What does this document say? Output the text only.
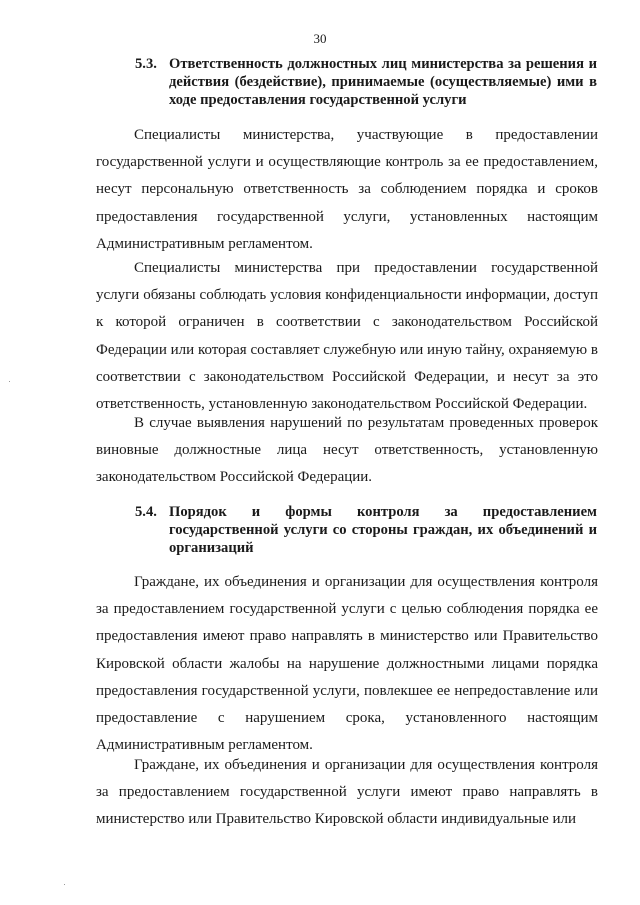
30
5.3. Ответственность должностных лиц министерства за решения и действия (бездействие), принимаемые (осуществляемые) ими в ходе предоставления государственной услуги

Специалисты министерства, участвующие в предоставлении государственной услуги и осуществляющие контроль за ее предоставлением, несут персональную ответственность за соблюдением порядка и сроков предоставления государственной услуги, установленных настоящим Административным регламентом.

Специалисты министерства при предоставлении государственной услуги обязаны соблюдать условия конфиденциальности информации, доступ к которой ограничен в соответствии с законодательством Российской Федерации или которая составляет служебную или иную тайну, охраняемую в соответствии с законодательством Российской Федерации, и несут за это ответственность, установленную законодательством Российской Федерации.

В случае выявления нарушений по результатам проведенных проверок виновные должностные лица несут ответственность, установленную законодательством Российской Федерации.

5.4. Порядок и формы контроля за предоставлением государственной услуги со стороны граждан, их объединений и организаций

Граждане, их объединения и организации для осуществления контроля за предоставлением государственной услуги с целью соблюдения порядка ее предоставления имеют право направлять в министерство или Правительство Кировской области жалобы на нарушение должностными лицами порядка предоставления государственной услуги, повлекшее ее непредоставление или предоставление с нарушением срока, установленного настоящим Административным регламентом.

Граждане, их объединения и организации для осуществления контроля за предоставлением государственной услуги имеют право направлять в министерство или Правительство Кировской области индивидуальные или
